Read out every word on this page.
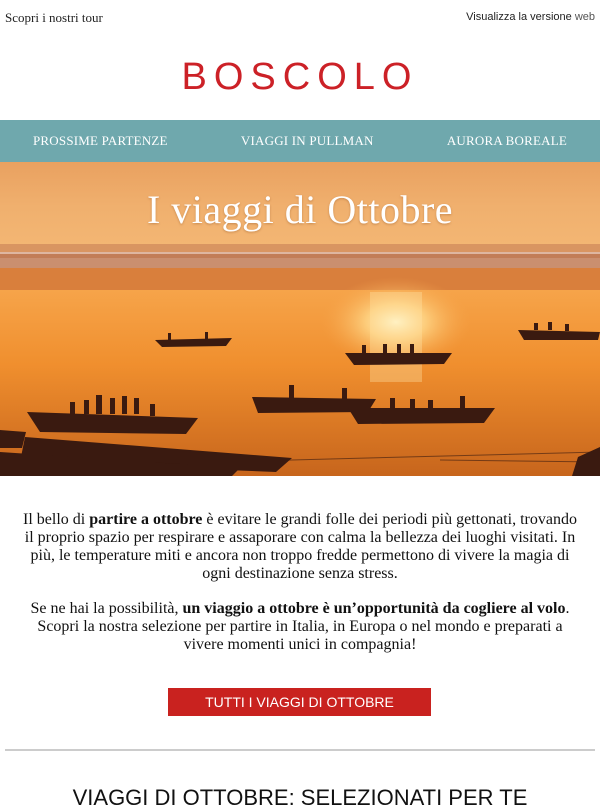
Scopri i nostri tour	Visualizza la versione web
BOSCOLO
PROSSIME PARTENZE	VIAGGI IN PULLMAN	AURORA BOREALE
I viaggi di Ottobre

Il bello di partire a ottobre è evitare le grandi folle dei periodi più gettonati, trovando il proprio spazio per respirare e assaporare con calma la bellezza dei luoghi visitati. In più, le temperature miti e ancora non troppo fredde permettono di vivere la magia di ogni destinazione senza stress.

Se ne hai la possibilità, un viaggio a ottobre è un’opportunità da cogliere al volo. Scopri la nostra selezione per partire in Italia, in Europa o nel mondo e preparati a vivere momenti unici in compagnia!

TUTTI I VIAGGI DI OTTOBRE
VIAGGI DI OTTOBRE: SELEZIONATI PER TE
